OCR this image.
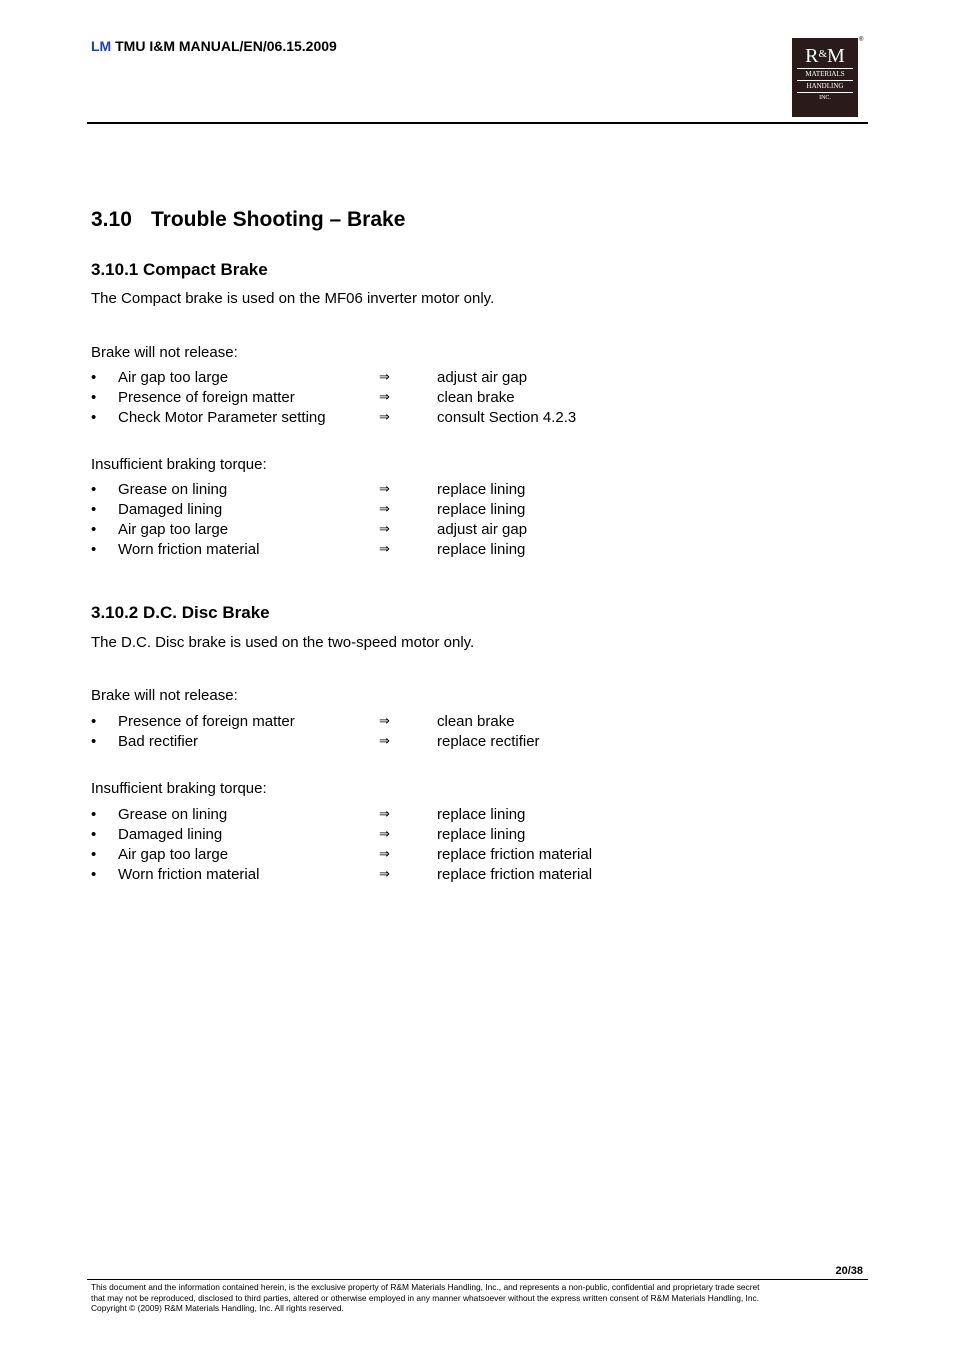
LM TMU I&M MANUAL/EN/06.15.2009	R&M
MATERIALS
HANDLING
INC.
®
3.10 Trouble Shooting – Brake
3.10.1 Compact Brake
The Compact brake is used on the MF06 inverter motor only.
Brake will not release:
• Air gap too large	⇒	adjust air gap
• Presence of foreign matter	⇒	clean brake
• Check Motor Parameter setting	⇒	consult Section 4.2.3
Insufficient braking torque:
• Grease on lining	⇒	replace lining
• Damaged lining	⇒	replace lining
• Air gap too large	⇒	adjust air gap
• Worn friction material	⇒	replace lining
3.10.2 D.C. Disc Brake
The D.C. Disc brake is used on the two-speed motor only.
Brake will not release:
• Presence of foreign matter	⇒	clean brake
• Bad rectifier	⇒	replace rectifier
Insufficient braking torque:
• Grease on lining	⇒	replace lining
• Damaged lining	⇒	replace lining
• Air gap too large	⇒	replace friction material
• Worn friction material	⇒	replace friction material
20/38
This document and the information contained herein, is the exclusive property of R&M Materials Handling, Inc., and represents a non-public, confidential and proprietary trade secret
that may not be reproduced, disclosed to third parties, altered or otherwise employed in any manner whatsoever without the express written consent of R&M Materials Handling, Inc.
Copyright © (2009) R&M Materials Handling, Inc. All rights reserved.
